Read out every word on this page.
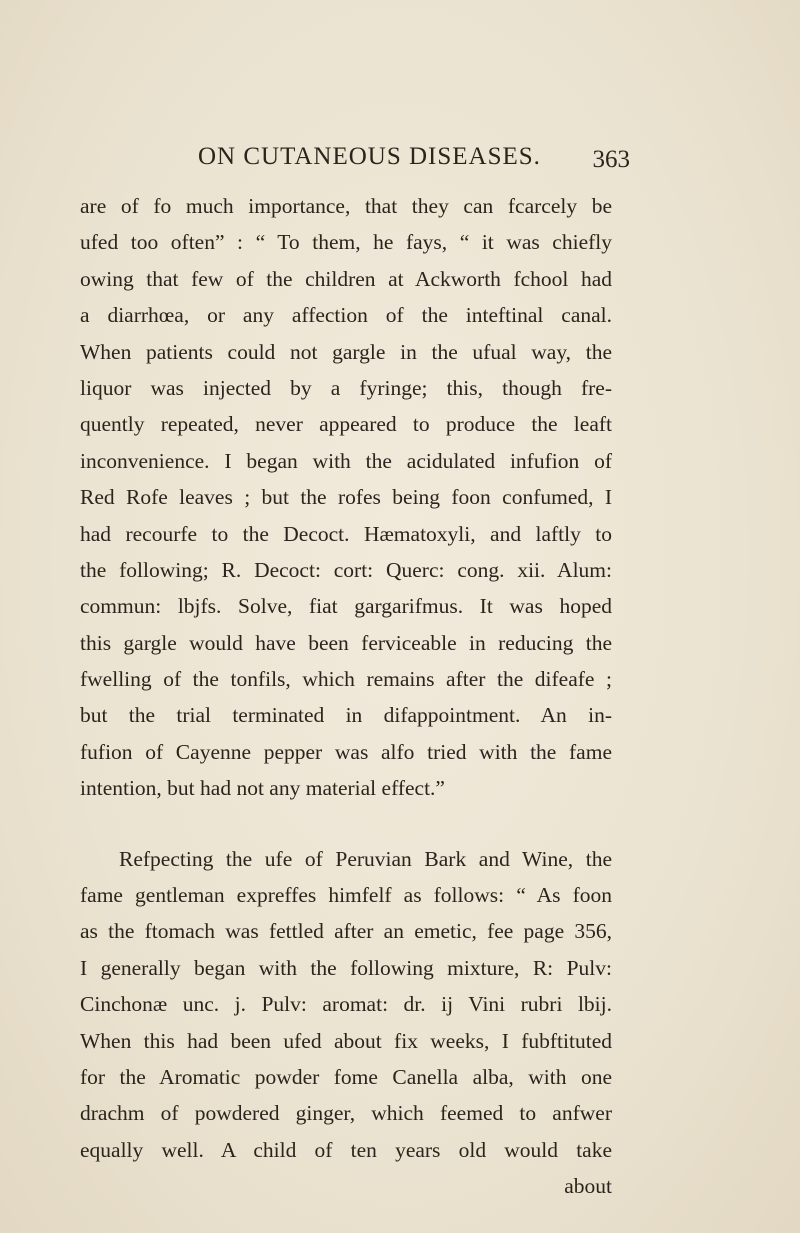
ON CUTANEOUS DISEASES. 363
are of fo much importance, that they can fcarcely be
ufed too often” : “ To them, he fays, “ it was chiefly
owing that few of the children at Ackworth fchool had
a diarrhœa, or any affection of the inteftinal canal.
When patients could not gargle in the ufual way, the
liquor was injected by a fyringe; this, though fre-
quently repeated, never appeared to produce the leaft
inconvenience. I began with the acidulated infufion of
Red Rofe leaves ; but the rofes being foon confumed, I
had recourfe to the Decoct. Hæmatoxyli, and laftly to
the following; R. Decoct: cort: Querc: cong. xii. Alum:
commun: lbjfs. Solve, fiat gargarifmus. It was hoped
this gargle would have been ferviceable in reducing the
fwelling of the tonfils, which remains after the difeafe ;
but the trial terminated in difappointment. An in-
fufion of Cayenne pepper was alfo tried with the fame
intention, but had not any material effect.”
Refpecting the ufe of Peruvian Bark and Wine, the
fame gentleman expreffes himfelf as follows: “ As foon
as the ftomach was fettled after an emetic, fee page 356,
I generally began with the following mixture, R: Pulv:
Cinchonæ unc. j. Pulv: aromat: dr. ij Vini rubri lbij.
When this had been ufed about fix weeks, I fubftituted
for the Aromatic powder fome Canella alba, with one
drachm of powdered ginger, which feemed to anfwer
equally well. A child of ten years old would take
about
